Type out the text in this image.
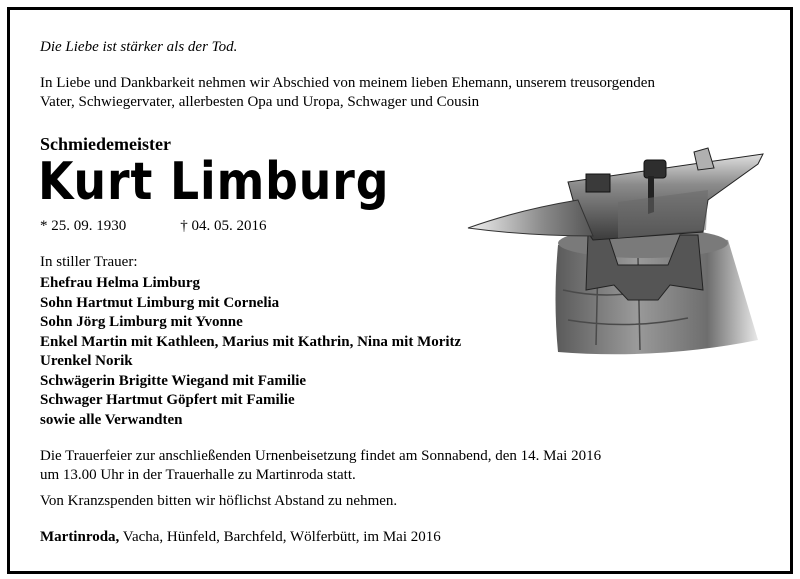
Die Liebe ist stärker als der Tod.
In Liebe und Dankbarkeit nehmen wir Abschied von meinem lieben Ehemann, unserem treusorgenden
Vater, Schwiegervater, allerbesten Opa und Uropa, Schwager und Cousin
Schmiedemeister
Kurt Limburg
* 25. 09. 1930	† 04. 05. 2016
In stiller Trauer:
Ehefrau Helma Limburg
Sohn Hartmut Limburg mit Cornelia
Sohn Jörg Limburg mit Yvonne
Enkel Martin mit Kathleen, Marius mit Kathrin, Nina mit Moritz
Urenkel Norik
Schwägerin Brigitte Wiegand mit Familie
Schwager Hartmut Göpfert mit Familie
sowie alle Verwandten
Die Trauerfeier zur anschließenden Urnenbeisetzung findet am Sonnabend, den 14. Mai 2016
um 13.00 Uhr in der Trauerhalle zu Martinroda statt.
Von Kranzspenden bitten wir höflichst Abstand zu nehmen.
Martinroda, Vacha, Hünfeld, Barchfeld, Wölferbütt, im Mai 2016
